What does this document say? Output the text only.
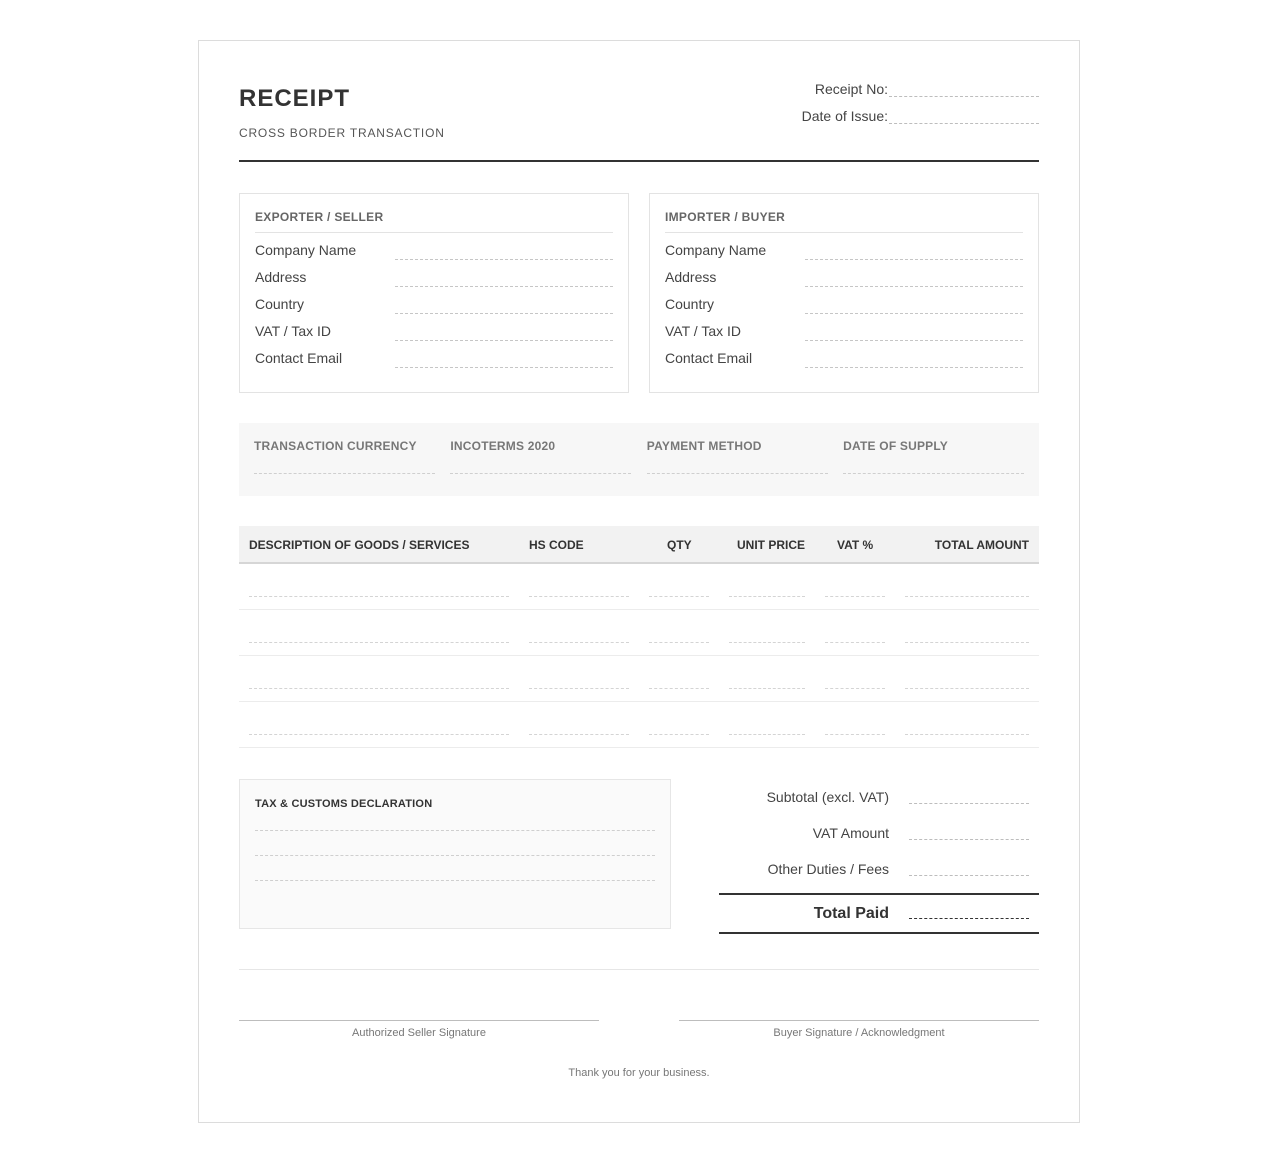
RECEIPT
CROSS BORDER TRANSACTION
Receipt No:
Date of Issue:
EXPORTER / SELLER
Company Name
Address
Country
VAT / Tax ID
Contact Email
IMPORTER / BUYER
Company Name
Address
Country
VAT / Tax ID
Contact Email
TRANSACTION CURRENCY	INCOTERMS 2020	PAYMENT METHOD	DATE OF SUPPLY
DESCRIPTION OF GOODS / SERVICES	HS CODE	QTY	UNIT PRICE	VAT %	TOTAL AMOUNT
TAX & CUSTOMS DECLARATION	Subtotal (excl. VAT)
VAT Amount
Other Duties / Fees
Total Paid
Authorized Seller Signature	Buyer Signature / Acknowledgment
Thank you for your business.
